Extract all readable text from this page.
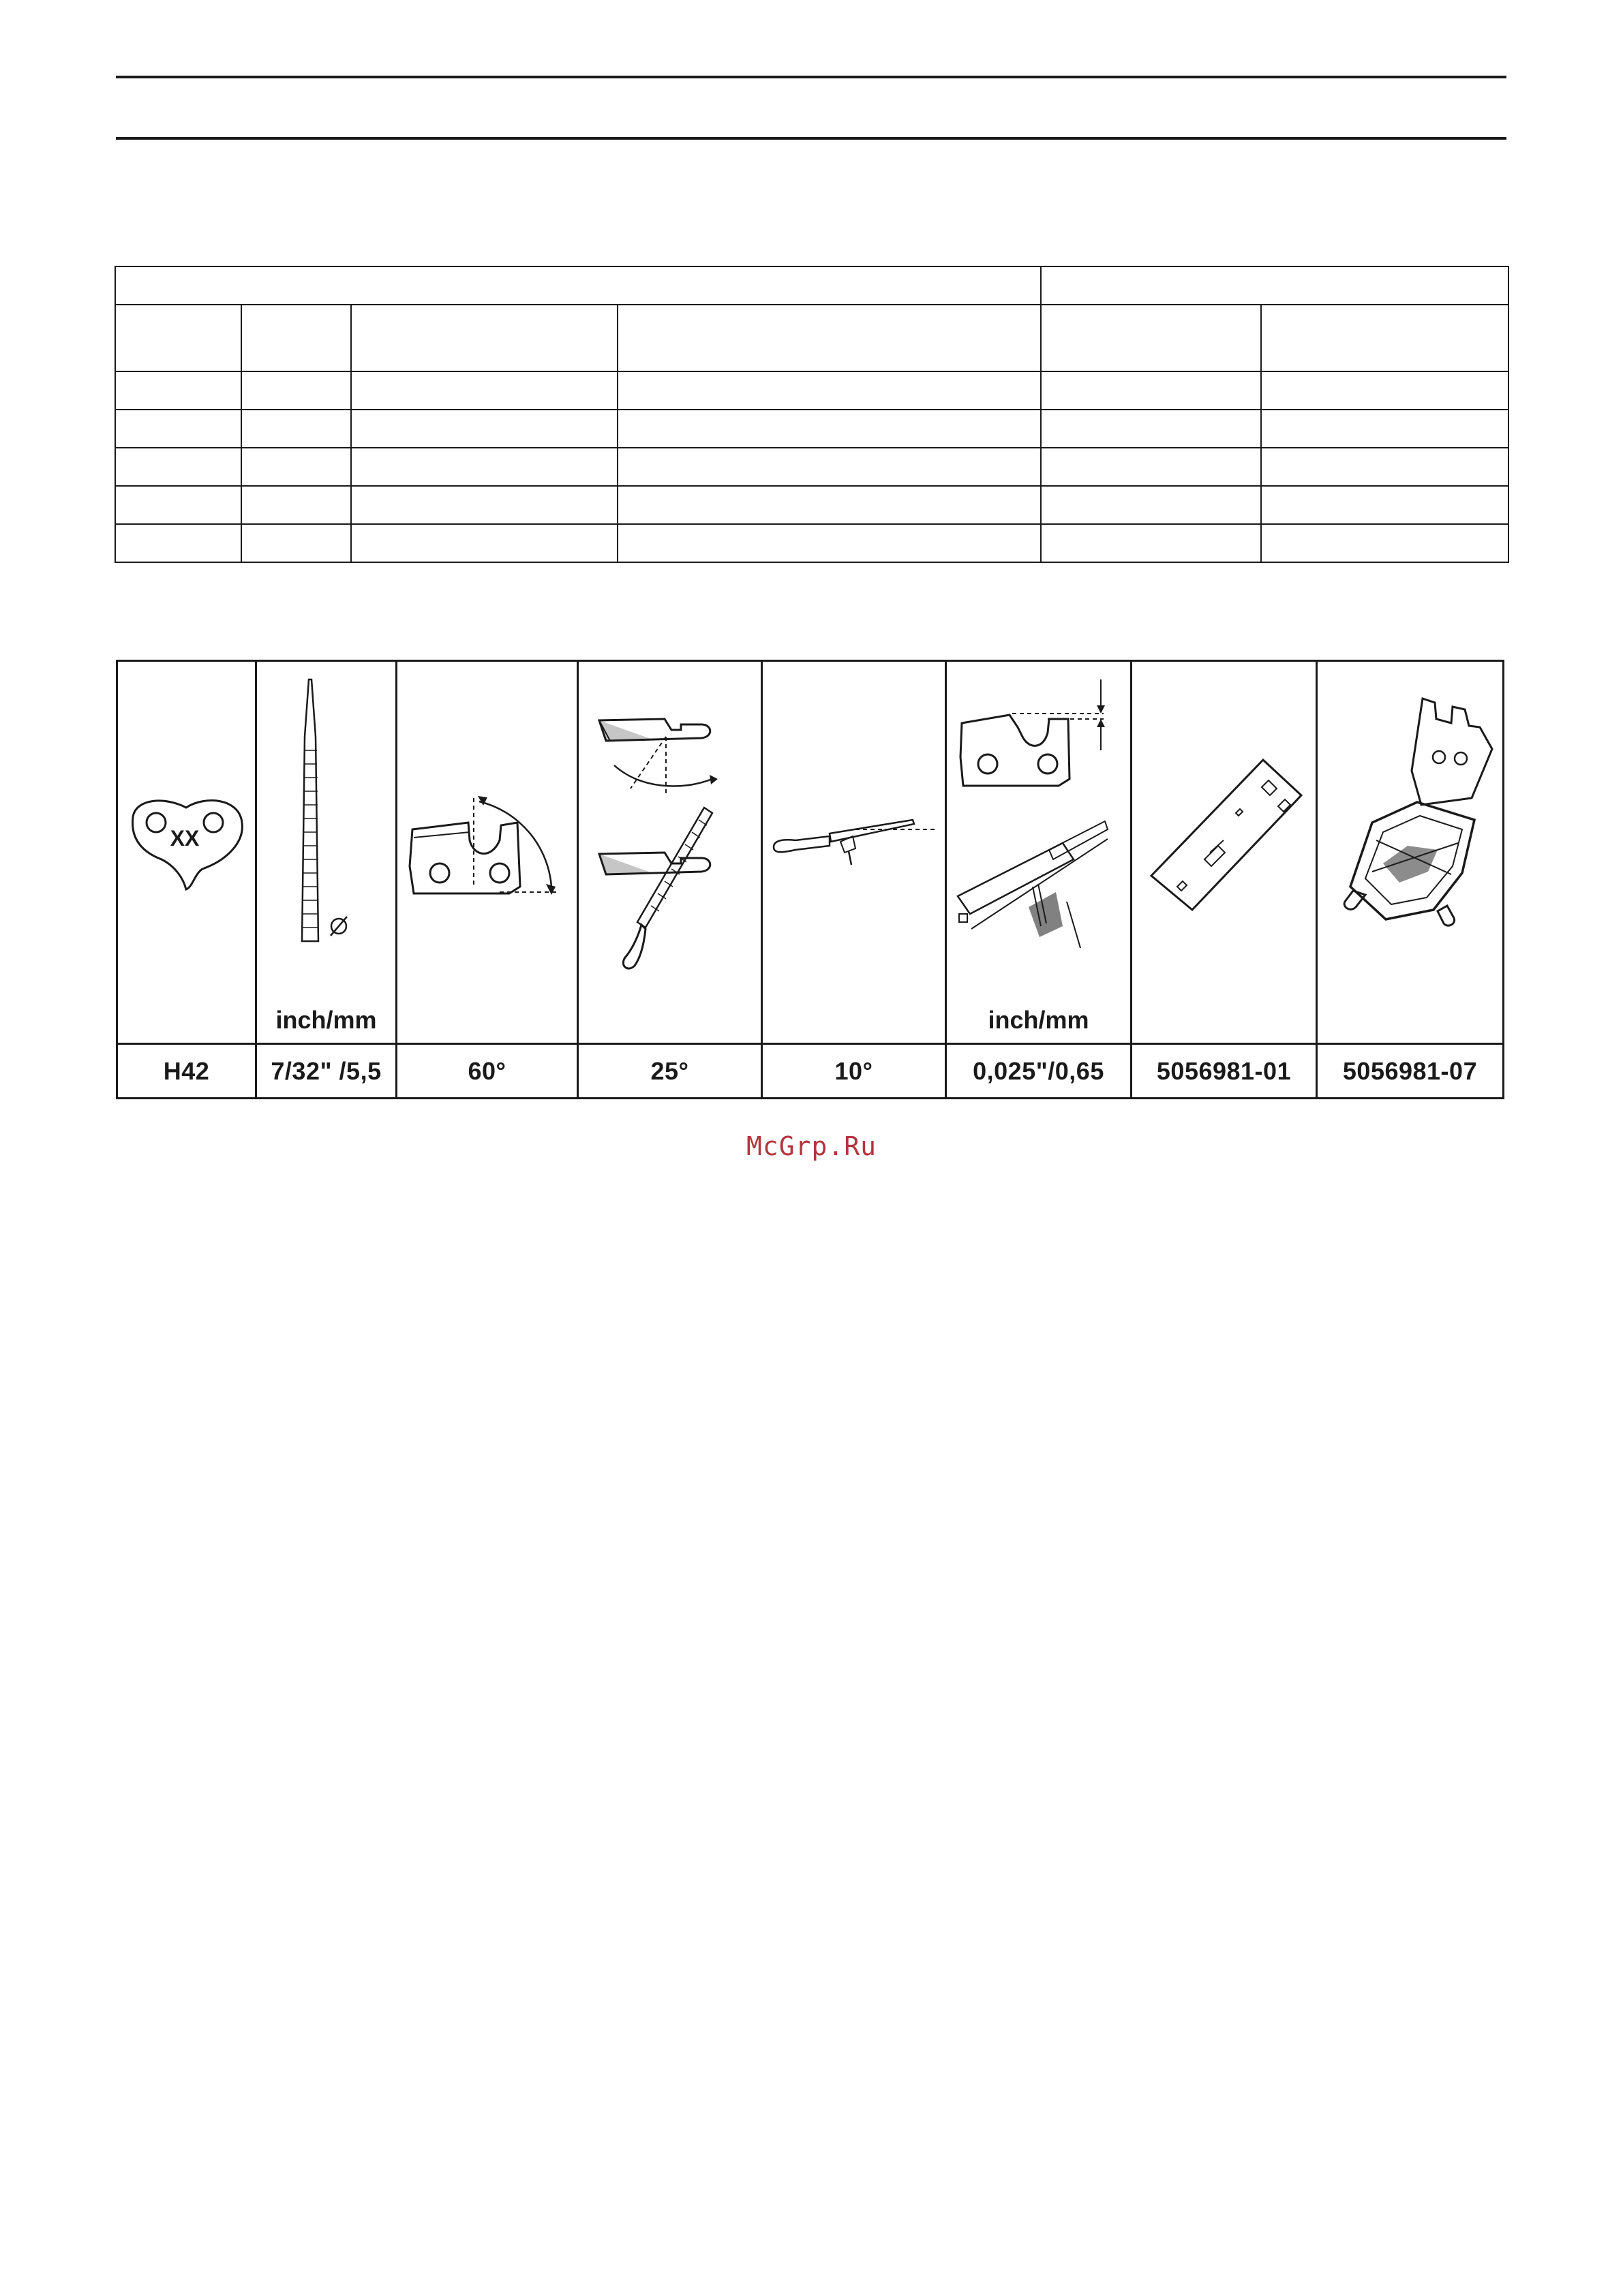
XX	inch/mm				inch/mm

H42	7/32" /5,5	60°	25°	10°	0,025"/0,65	5056981-01	5056981-07
McGrp.Ru
